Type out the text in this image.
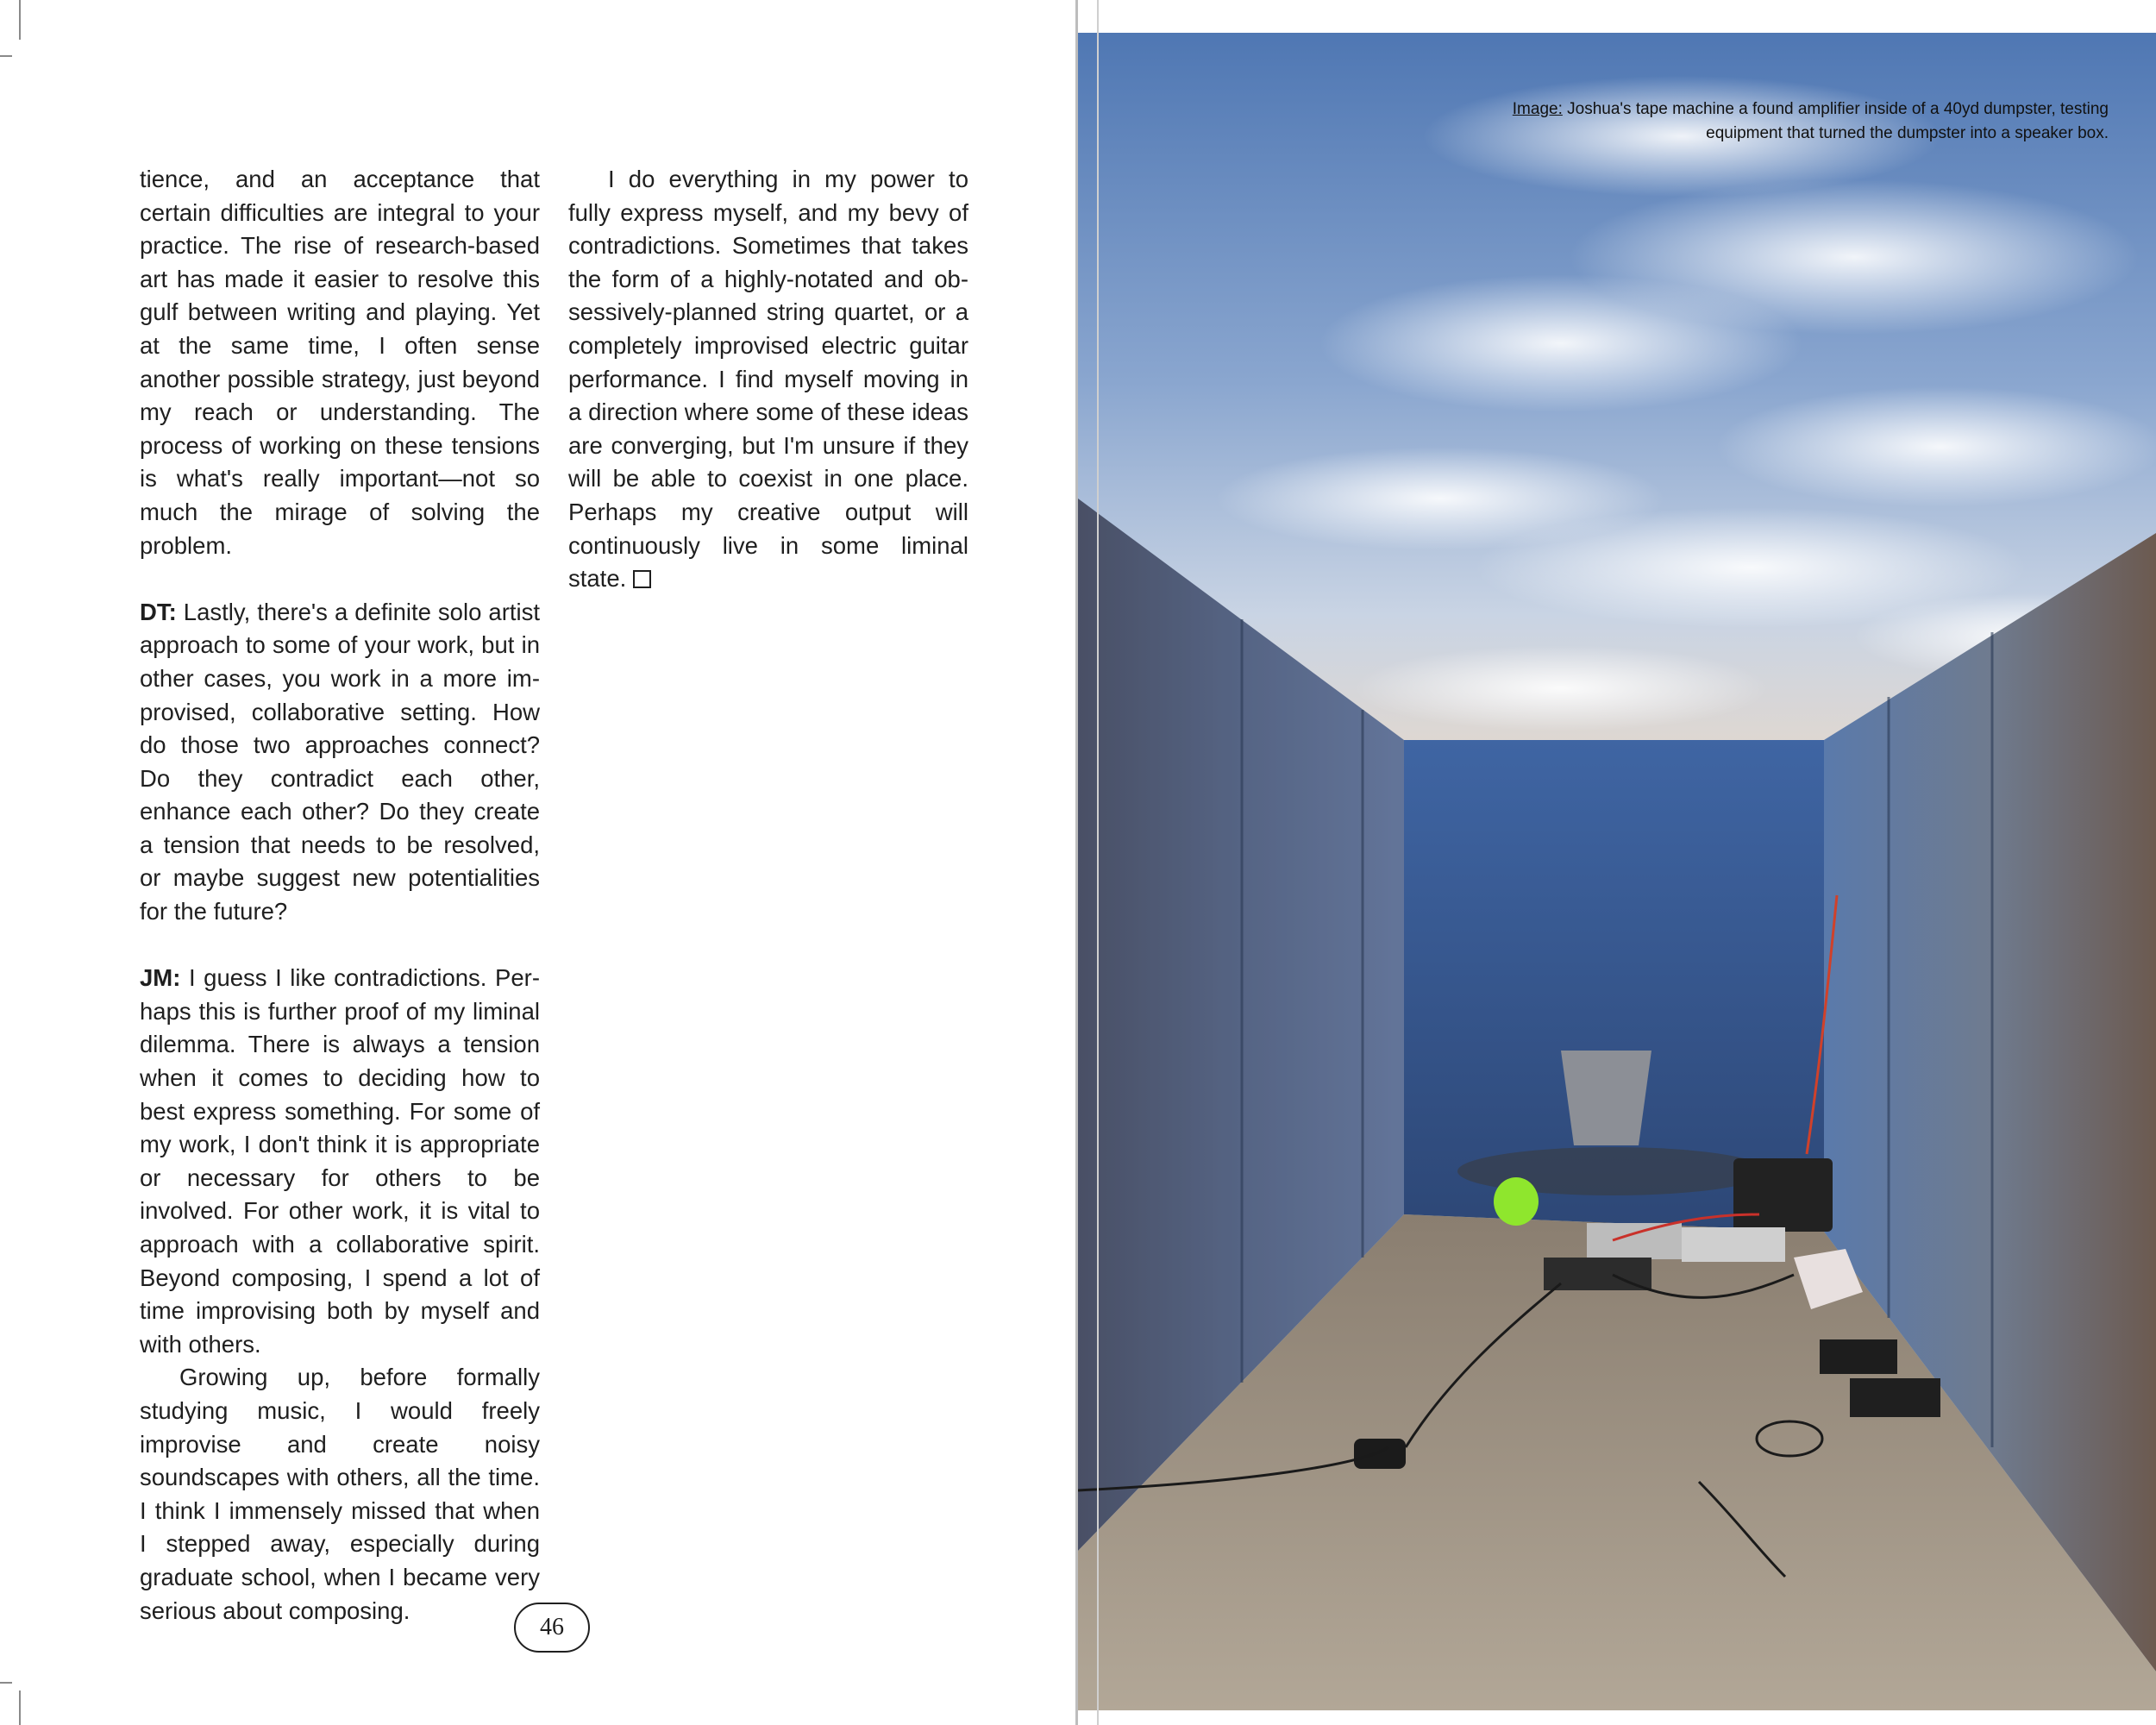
tience, and an acceptance that certain difficulties are integral to your practice. The rise of research-based art has made it easier to resolve this gulf between writing and playing. Yet at the same time, I often sense another possible strategy, just beyond my reach or understanding. The process of working on these tensions is what's really important—not so much the mirage of solving the problem.

DT: Lastly, there's a definite solo artist approach to some of your work, but in other cases, you work in a more improvised, collaborative setting. How do those two approaches connect? Do they contradict each other, enhance each other? Do they create a tension that needs to be resolved, or maybe suggest new potentialities for the future?

JM: I guess I like contradictions. Perhaps this is further proof of my liminal dilemma. There is always a tension when it comes to deciding how to best express something. For some of my work, I don't think it is appropriate or necessary for others to be involved. For other work, it is vital to approach with a collaborative spirit. Beyond composing, I spend a lot of time improvising both by myself and with others.

Growing up, before formally studying music, I would freely improvise and create noisy soundscapes with others, all the time. I think I immensely missed that when I stepped away, especially during graduate school, when I became very serious about composing.

I do everything in my power to fully express myself, and my bevy of contradictions. Sometimes that takes the form of a highly-notated and obsessively-planned string quartet, or a completely improvised electric guitar performance. I find myself moving in a direction where some of these ideas are converging, but I'm unsure if they will be able to coexist in one place. Perhaps my creative output will continuously live in some liminal state.

46
Image: Joshua's tape machine a found amplifier inside of a 40yd dumpster, testing equipment that turned the dumpster into a speaker box.
